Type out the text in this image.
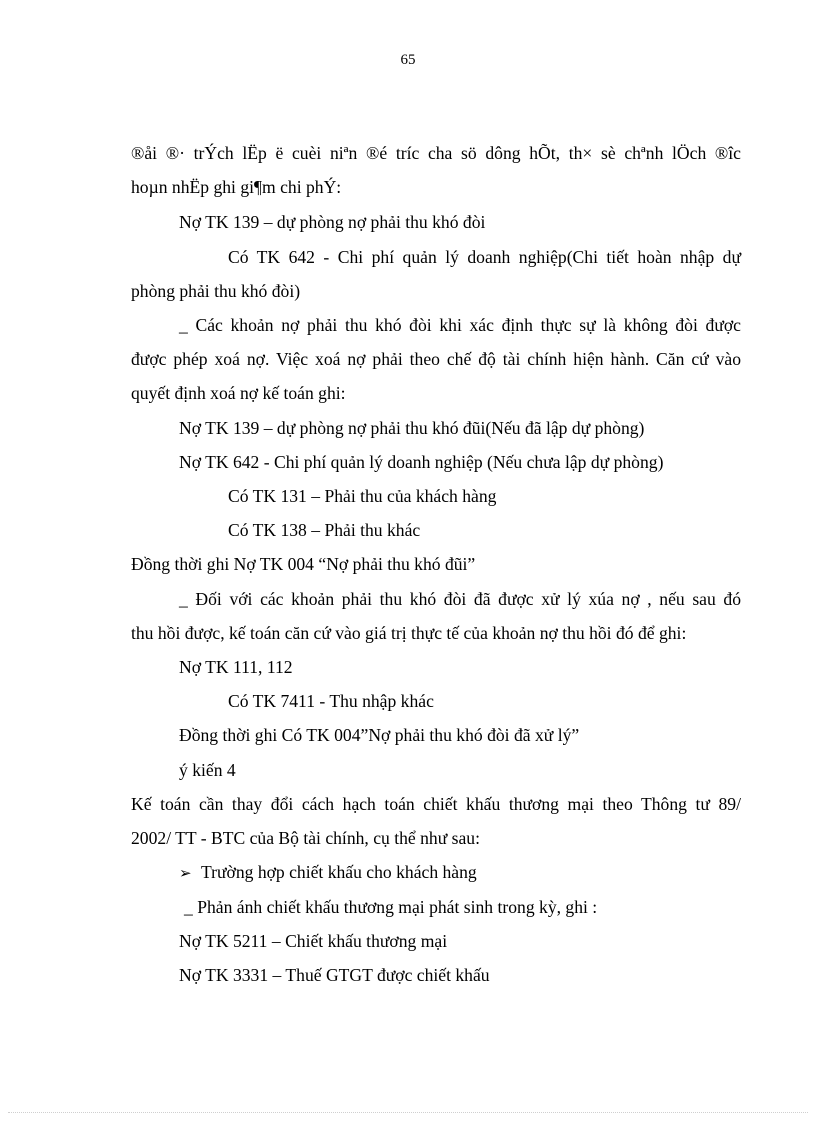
65
®åi ®· trÝch lËp ë cuèi niªn ®é tríc cha sö dông hÕt, th× sè chªnh lÖch ®îc
hoµn nhËp ghi gi¶m chi phÝ:
Nợ TK 139 – dự phòng nợ phải thu khó đòi
Có TK 642 - Chi phí quản lý doanh nghiệp(Chi tiết hoàn nhập dự
phòng phải thu khó đòi)
_ Các khoản nợ phải thu khó đòi khi xác định thực sự là không đòi được
được phép xoá nợ. Việc xoá nợ phải theo chế độ tài chính hiện hành. Căn cứ vào
quyết định xoá nợ kế toán ghi:
Nợ TK 139 – dự phòng nợ phải thu khó đũi(Nếu đã lập dự phòng)
Nợ TK 642 - Chi phí quản lý doanh nghiệp (Nếu chưa lập dự phòng)
Có TK 131 – Phải thu của khách hàng
Có TK 138 – Phải thu khác
Đồng thời ghi Nợ TK 004 “Nợ phải thu khó đũi”
_ Đối với các khoản phải thu khó đòi đã được xử lý xúa nợ , nếu sau đó
thu hồi được, kế toán căn cứ vào giá trị thực tế của khoản nợ thu hồi đó để ghi:
Nợ TK 111, 112
Có TK 7411 - Thu nhập khác
Đồng thời ghi Có TK 004”Nợ phải thu khó đòi đã xử lý”
ý kiến 4
Kế toán cần thay đổi cách hạch toán chiết khấu thương mại theo Thông tư 89/
2002/ TT - BTC của Bộ tài chính, cụ thể như sau:
➢ Trường hợp chiết khấu cho khách hàng
_ Phản ánh chiết khấu thương mại phát sinh trong kỳ, ghi :
Nợ TK 5211 – Chiết khấu thương mại
Nợ TK 3331 – Thuế GTGT được chiết khấu
